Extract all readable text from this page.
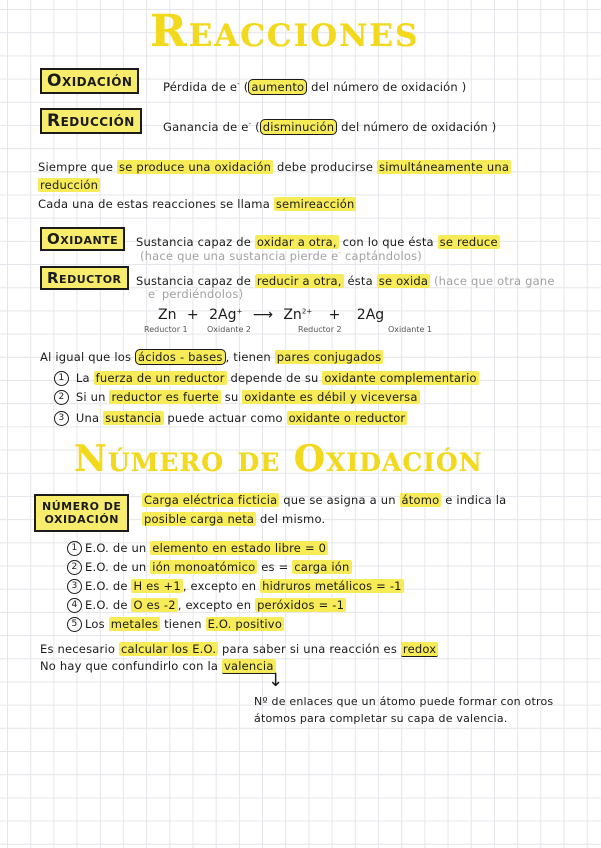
Reacciones
Oxidación	Pérdida de e- ( aumento del número de oxidación )
Reducción	Ganancia de e- ( disminución del número de oxidación )
Siempre que se produce una oxidación debe producirse simultáneamente una
reducción
Cada una de estas reacciones se llama semireacción
Oxidante	Sustancia capaz de oxidar a otra, con lo que ésta se reduce
(hace que una sustancia pierde e- captándolos)
Reductor	Sustancia capaz de reducir a otra, ésta se oxida (hace que otra gane
e- perdiéndolos)
Zn + 2Ag+ ⟶ $Zn^{2+} + 2Ag$
Reductor 1 Oxidante 2	Reductor 2	Oxidante 1
Al igual que los ácidos - bases , tienen pares conjugados
1 La fuerza de un reductor depende de su oxidante complementario
2 Si un reductor es fuerte su oxidante es débil y viceversa
3 Una sustancia puede actuar como oxidante o reductor
Número de Oxidación
NÚMERO DE
OXIDACIÓN
Carga eléctrica ficticia que se asigna a un átomo e indica la
posible carga neta del mismo.
1 E.O. de un elemento en estado libre = 0
2 E.O. de un ión monoatómico es = carga ión
3 E.O. de H es +1 , excepto en hidruros metálicos = -1
4 E.O. de O es -2 , excepto en peróxidos = -1
5 Los metales tienen E.O. positivo
Es necesario calcular los E.O. para saber si una reacción es redox
No hay que confundirlo con la valencia
↓
Nº de enlaces que un átomo puede formar con otros
átomos para completar su capa de valencia.
